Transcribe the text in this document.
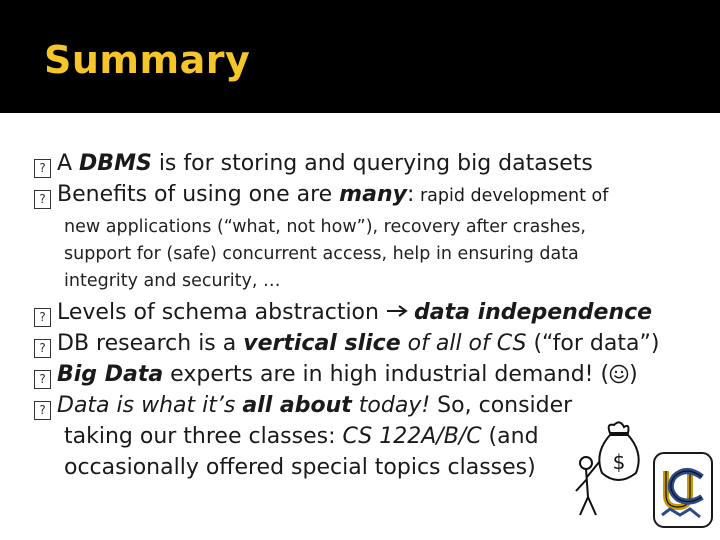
Summary
? A DBMS is for storing and querying big datasets
? Benefits of using one are many: rapid development of
new applications (“what, not how”), recovery after crashes,
support for (safe) concurrent access, help in ensuring data
integrity and security, …
? Levels of schema abstraction data independence
? DB research is a vertical slice of all of CS (“for data”)
? Big Data experts are in high industrial demand! ( )
? Data is what it’s all about today! So, consider
taking our three classes: CS 122A/B/C (and
occasionally offered special topics classes)	$
